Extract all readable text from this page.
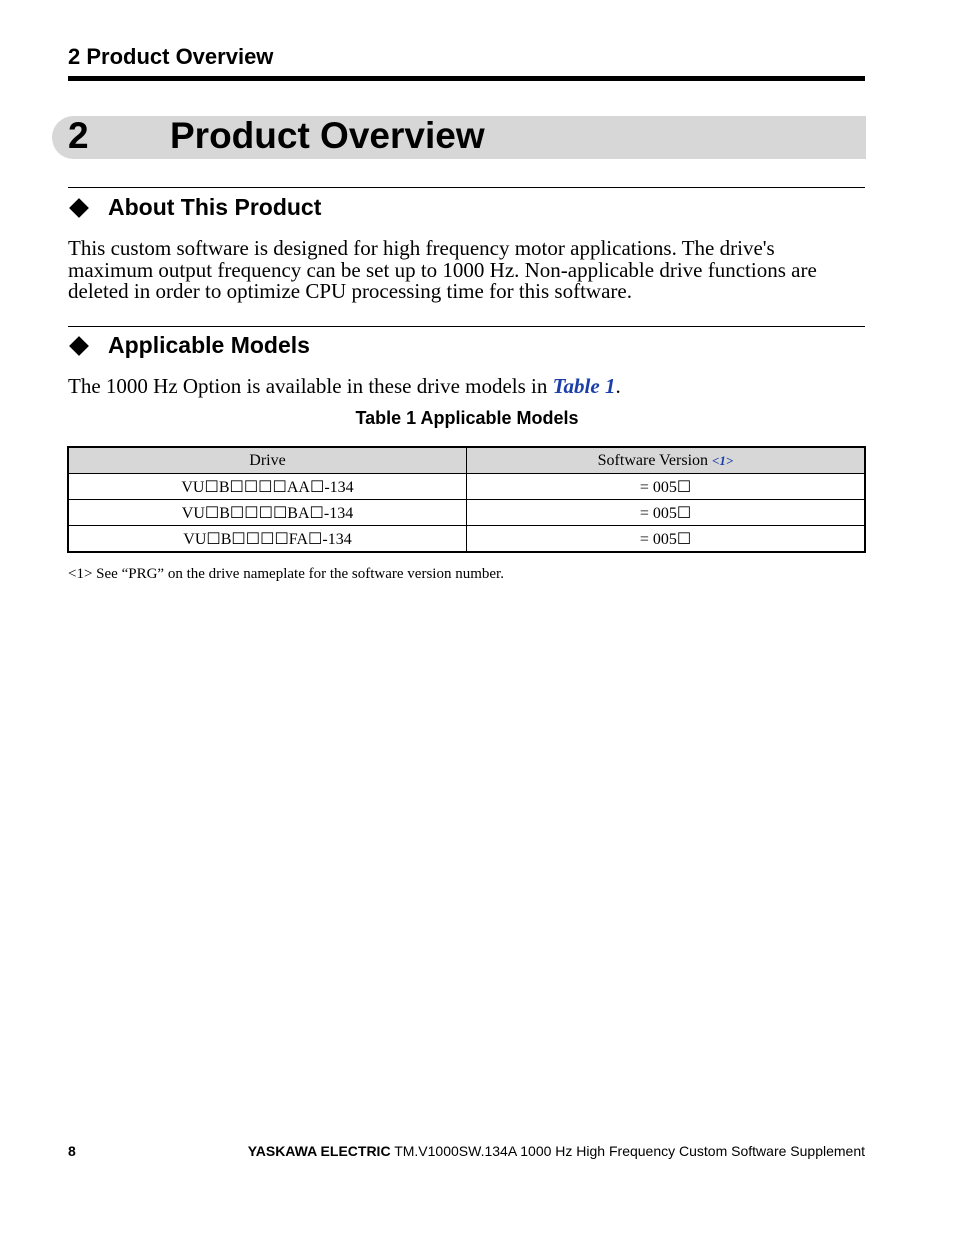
2 Product Overview
2 Product Overview
About This Product
This custom software is designed for high frequency motor applications. The drive's
maximum output frequency can be set up to 1000 Hz. Non-applicable drive functions are
deleted in order to optimize CPU processing time for this software.
Applicable Models
The 1000 Hz Option is available in these drive models in Table 1.
Table 1 Applicable Models
Drive	Software Version <1>
VU☐B☐☐☐☐AA☐-134	= 005☐
VU☐B☐☐☐☐BA☐-134	= 005☐
VU☐B☐☐☐☐FA☐-134	= 005☐
<1> See “PRG” on the drive nameplate for the software version number.
8	YASKAWA ELECTRIC TM.V1000SW.134A 1000 Hz High Frequency Custom Software Supplement
